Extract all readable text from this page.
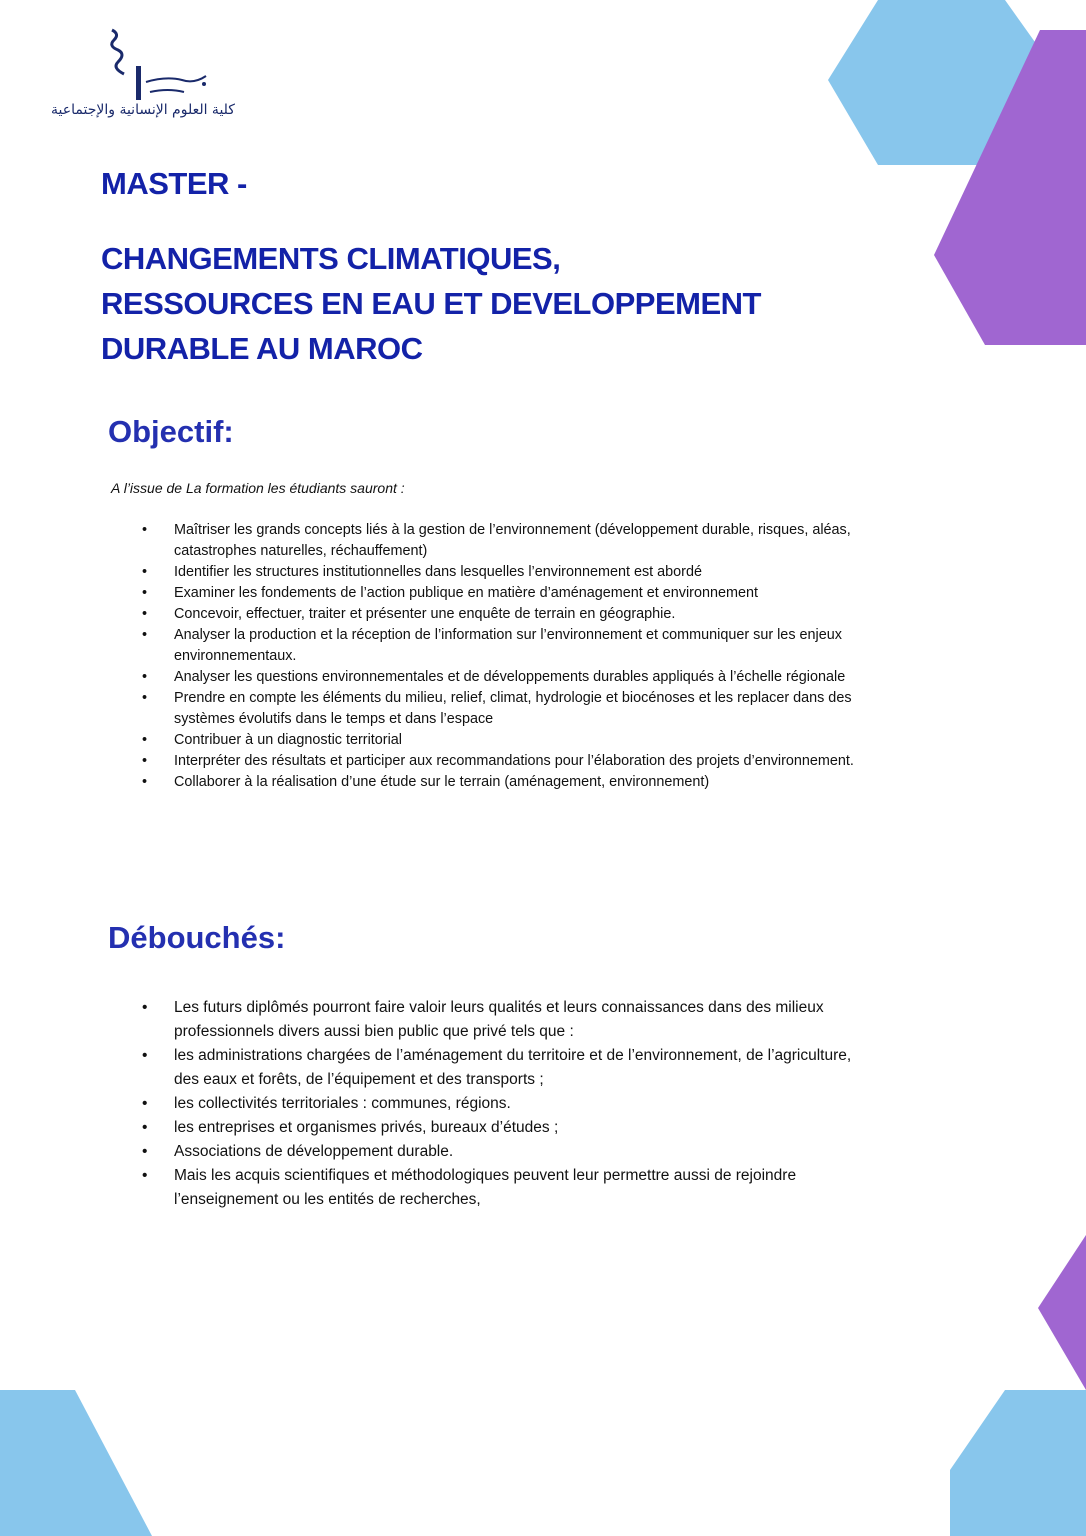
كلية العلوم الإنسانية والإجتماعية
MASTER -
CHANGEMENTS CLIMATIQUES,
RESSOURCES EN EAU ET DEVELOPPEMENT
DURABLE AU MAROC
Objectif:
A l’issue de La formation les étudiants sauront :
• Maîtriser les grands concepts liés à la gestion de l’environnement (développement durable, risques, aléas, catastrophes naturelles, réchauffement)
• Identifier les structures institutionnelles dans lesquelles l’environnement est abordé
• Examiner les fondements de l’action publique en matière d’aménagement et environnement
• Concevoir, effectuer, traiter et présenter une enquête de terrain en géographie.
• Analyser la production et la réception de l’information sur l’environnement et communiquer sur les enjeux environnementaux.
• Analyser les questions environnementales et de développements durables appliqués à l’échelle régionale
• Prendre en compte les éléments du milieu, relief, climat, hydrologie et biocénoses et les replacer dans des systèmes évolutifs dans le temps et dans l’espace
• Contribuer à un diagnostic territorial
• Interpréter des résultats et participer aux recommandations pour l’élaboration des projets d’environnement.
• Collaborer à la réalisation d’une étude sur le terrain (aménagement, environnement)
Débouchés:
• Les futurs diplômés pourront faire valoir leurs qualités et leurs connaissances dans des milieux professionnels divers aussi bien public que privé tels que :
• les administrations chargées de l’aménagement du territoire et de l’environnement, de l’agriculture, des eaux et forêts, de l’équipement et des transports ;
• les collectivités territoriales : communes, régions.
• les entreprises et organismes privés, bureaux d’études ;
• Associations de développement durable.
• Mais les acquis scientifiques et méthodologiques peuvent leur permettre aussi de rejoindre l’enseignement ou les entités de recherches,
